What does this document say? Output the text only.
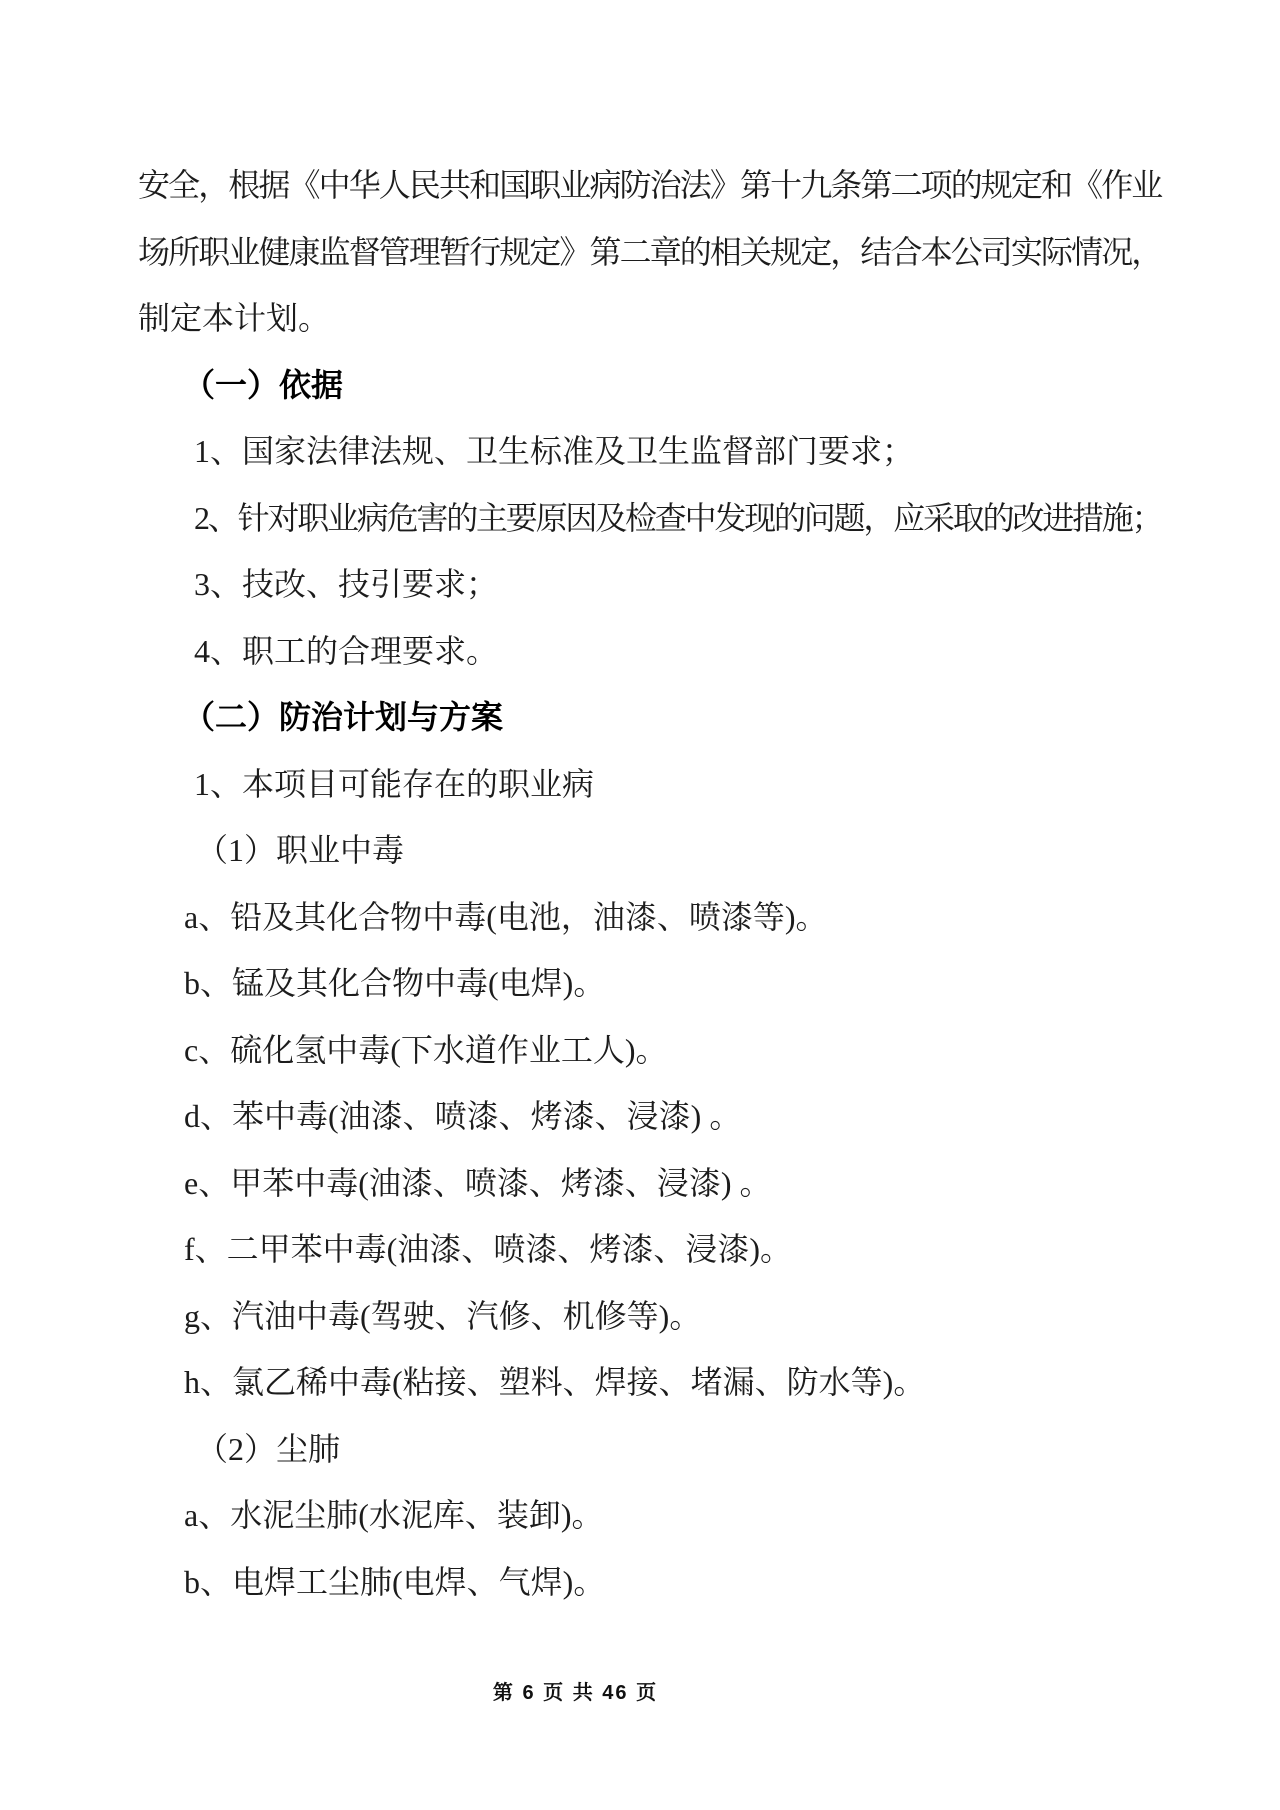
安全，根据《中华人民共和国职业病防治法》第十九条第二项的规定和《作业

场所职业健康监督管理暂行规定》第二章的相关规定，结合本公司实际情况，

制定本计划。

（一）依据

1、国家法律法规、卫生标准及卫生监督部门要求；

2、针对职业病危害的主要原因及检查中发现的问题，应采取的改进措施；

3、技改、技引要求；

4、职工的合理要求。

（二）防治计划与方案

1、本项目可能存在的职业病

（1）职业中毒

a、铅及其化合物中毒(电池，油漆、喷漆等)。

b、锰及其化合物中毒(电焊)。

c、硫化氢中毒(下水道作业工人)。

d、苯中毒(油漆、喷漆、烤漆、浸漆) 。

e、甲苯中毒(油漆、喷漆、烤漆、浸漆) 。

f、二甲苯中毒(油漆、喷漆、烤漆、浸漆)。

g、汽油中毒(驾驶、汽修、机修等)。

h、氯乙稀中毒(粘接、塑料、焊接、堵漏、防水等)。

（2）尘肺

a、水泥尘肺(水泥库、装卸)。

b、电焊工尘肺(电焊、气焊)。

第 6 页 共 46 页
